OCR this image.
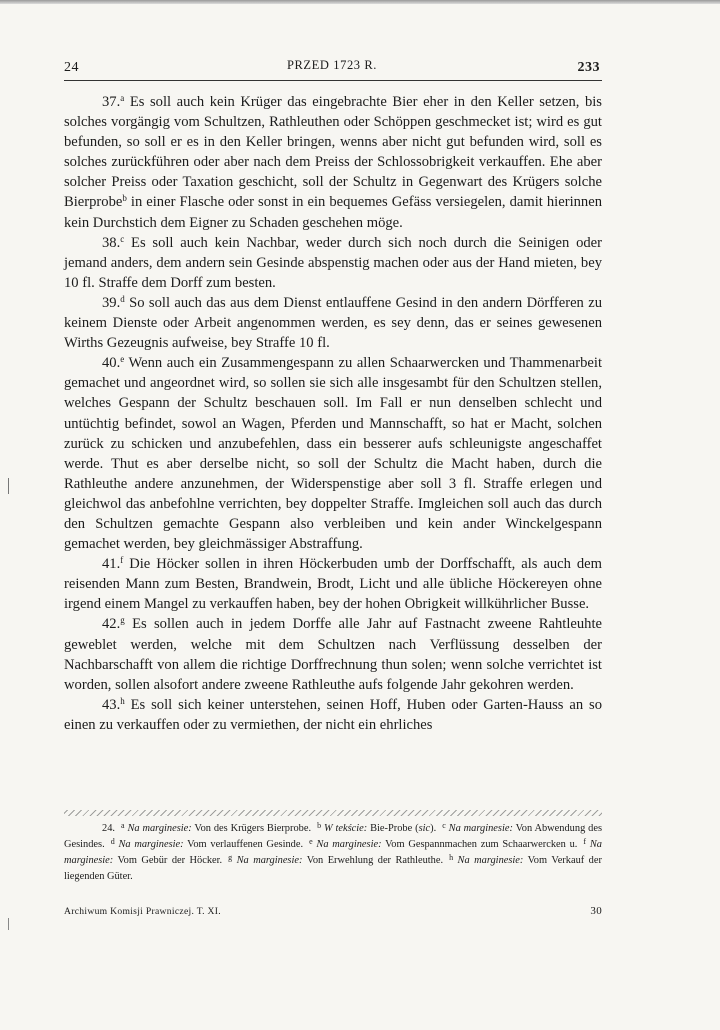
24	PRZED 1723 R.	233

37.$^a$ Es soll auch kein Krüger das eingebrachte Bier eher in den Keller setzen, bis solches vorgängig vom Schultzen, Rathleuthen oder Schöppen geschmecket ist; wird es gut befunden, so soll er es in den Keller bringen, wenns aber nicht gut befunden wird, soll es solches zurückführen oder aber nach dem Preiss der Schlossobrigkeit verkauffen. Ehe aber solcher Preiss oder Taxation geschicht, soll der Schultz in Gegenwart des Krügers solche Bierprobe$^b$ in einer Flasche oder sonst in ein bequemes Gefäss versiegelen, damit hierinnen kein Durchstich dem Eigner zu Schaden geschehen möge.

38.$^c$ Es soll auch kein Nachbar, weder durch sich noch durch die Seinigen oder jemand anders, dem andern sein Gesinde abspenstig machen oder aus der Hand mieten, bey 10 fl. Straffe dem Dorff zum besten.

39.$^d$ So soll auch das aus dem Dienst entlauffene Gesind in den andern Dörfferen zu keinem Dienste oder Arbeit angenommen werden, es sey denn, das er seines gewesenen Wirths Gezeugnis aufweise, bey Straffe 10 fl.

40.$^e$ Wenn auch ein Zusammengespann zu allen Schaarwercken und Thammenarbeit gemachet und angeordnet wird, so sollen sie sich alle insgesambt für den Schultzen stellen, welches Gespann der Schultz beschauen soll. Im Fall er nun denselben schlecht und untüchtig befindet, sowol an Wagen, Pferden und Mannschafft, so hat er Macht, solchen zurück zu schicken und anzubefehlen, dass ein besserer aufs schleunigste angeschaffet werde. Thut es aber derselbe nicht, so soll der Schultz die Macht haben, durch die Rathleuthe andere anzunehmen, der Widerspenstige aber soll 3 fl. Straffe erlegen und gleichwol das anbefohlne verrichten, bey doppelter Straffe. Imgleichen soll auch das durch den Schultzen gemachte Gespann also verbleiben und kein ander Winckelgespann gemachet werden, bey gleichmässiger Abstraffung.

41.$^f$ Die Höcker sollen in ihren Höckerbuden umb der Dorffschafft, als auch dem reisenden Mann zum Besten, Brandwein, Brodt, Licht und alle übliche Höckereyen ohne irgend einem Mangel zu verkauffen haben, bey der hohen Obrigkeit willkührlicher Busse.

42.$^g$ Es sollen auch in jedem Dorffe alle Jahr auf Fastnacht zweene Rahtleuhte geweblet werden, welche mit dem Schultzen nach Verflüssung desselben der Nachbarschafft von allem die richtige Dorffrechnung thun solen; wenn solche verrichtet ist worden, sollen alsofort andere zweene Rathleuthe aufs folgende Jahr gekohren werden.

43.$^h$ Es soll sich keiner unterstehen, seinen Hoff, Huben oder Garten-Hauss an so einen zu verkauffen oder zu vermiethen, der nicht ein ehrliches

24. $^a$ Na marginesie: Von des Krügers Bierprobe. $^b$ W tekście: Bie-Probe (sic). $^c$ Na marginesie: Von Abwendung des Gesindes. $^d$ Na marginesie: Vom verlauffenen Gesinde. $^e$ Na marginesie: Vom Gespannmachen zum Schaarwercken u. $^f$ Na marginesie: Vom Gebür der Höcker. $^g$ Na marginesie: Von Erwehlung der Rathleuthe. $^h$ Na marginesie: Vom Verkauf der liegenden Güter.

Archiwum Komisji Prawniczej. T. XI.	30
